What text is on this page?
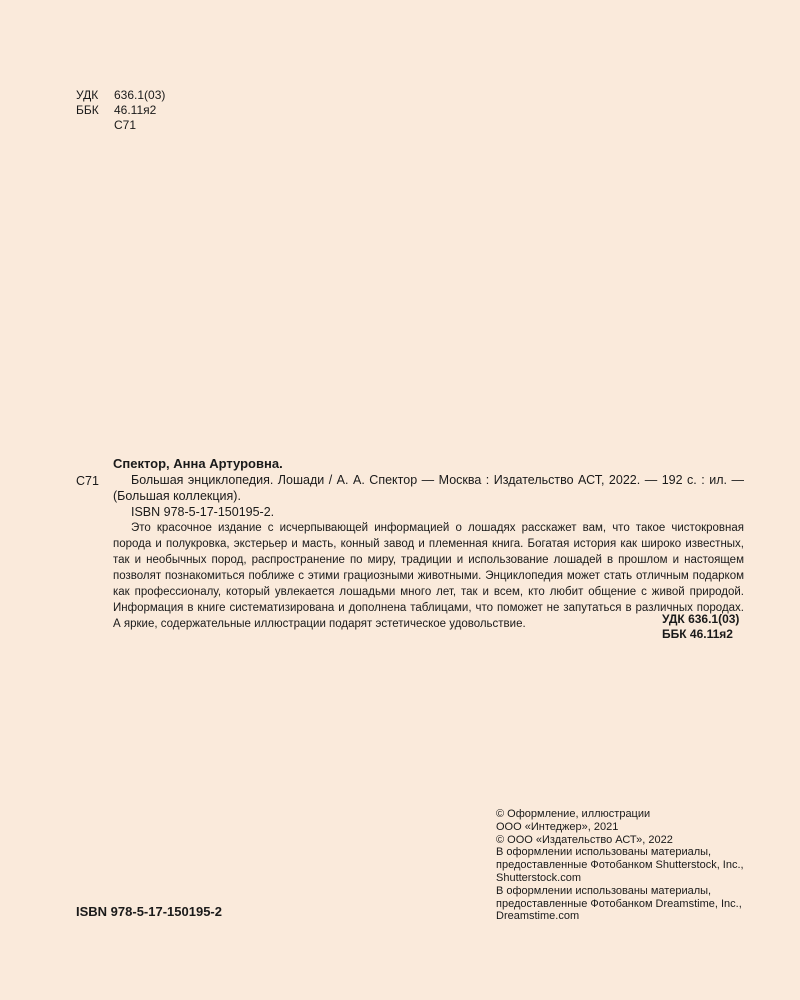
УДК	636.1(03)
ББК	46.11я2
С71
Спектор, Анна Артуровна.
С71	Большая энциклопедия. Лошади / А. А. Спектор — Москва : Издательство АСТ, 2022. — 192 с. : ил. — (Большая коллекция).

ISBN 978-5-17-150195-2.

Это красочное издание с исчерпывающей информацией о лошадях расскажет вам, что такое чистокровная порода и полукровка, экстерьер и масть, конный завод и племенная книга. Богатая история как широко известных, так и необычных пород, распространение по миру, традиции и использование лошадей в прошлом и настоящем позволят познакомиться поближе с этими грациозными животными. Энциклопедия может стать отличным подарком как профессионалу, который увлекается лошадьми много лет, так и всем, кто любит общение с живой природой. Информация в книге систематизирована и дополнена таблицами, что поможет не запутаться в различных породах. А яркие, содержательные иллюстрации подарят эстетическое удовольствие.	УДК 636.1(03)
ББК 46.11я2
© Оформление, иллюстрации
ООО «Интеджер», 2021
© ООО «Издательство АСТ», 2022
В оформлении использованы материалы,
предоставленные Фотобанком Shutterstock, Inc.,
Shutterstock.com
В оформлении использованы материалы,
предоставленные Фотобанком Dreamstime, Inc.,
Dreamstime.com
ISBN 978-5-17-150195-2
